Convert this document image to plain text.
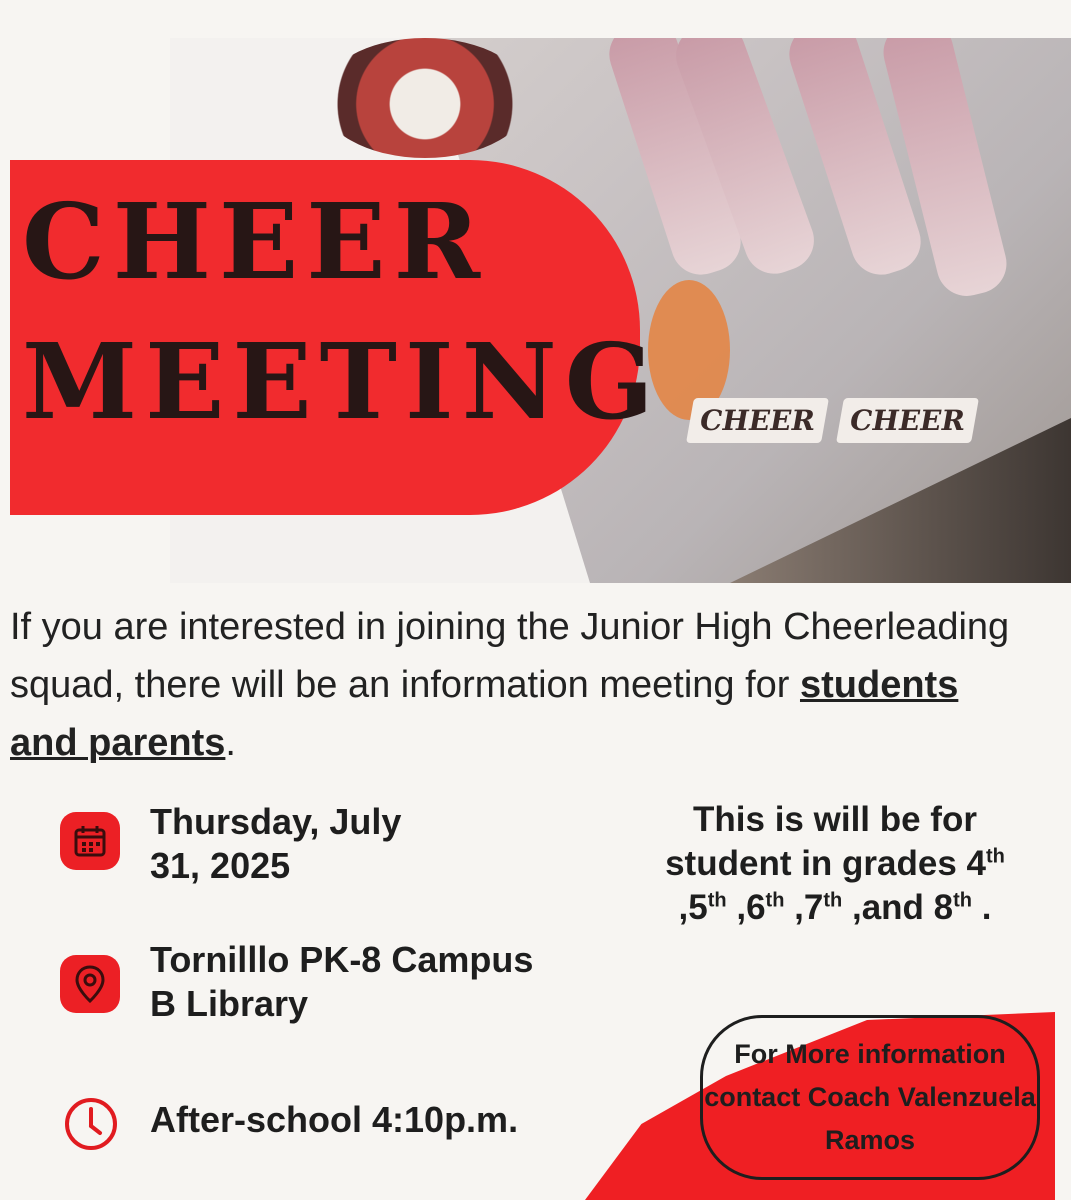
CHEER	CHEER
CHEER
MEETING

If you are interested in joining the Junior High Cheerleading squad, there will be an information meeting for students and parents.

Thursday, July
31, 2025
Tornilllo PK-8 Campus
B Library
After-school 4:10p.m.
This is will be for
student in grades 4th
,5th ,6th ,7th ,and 8th .
For More information
contact Coach Valenzuela
Ramos
